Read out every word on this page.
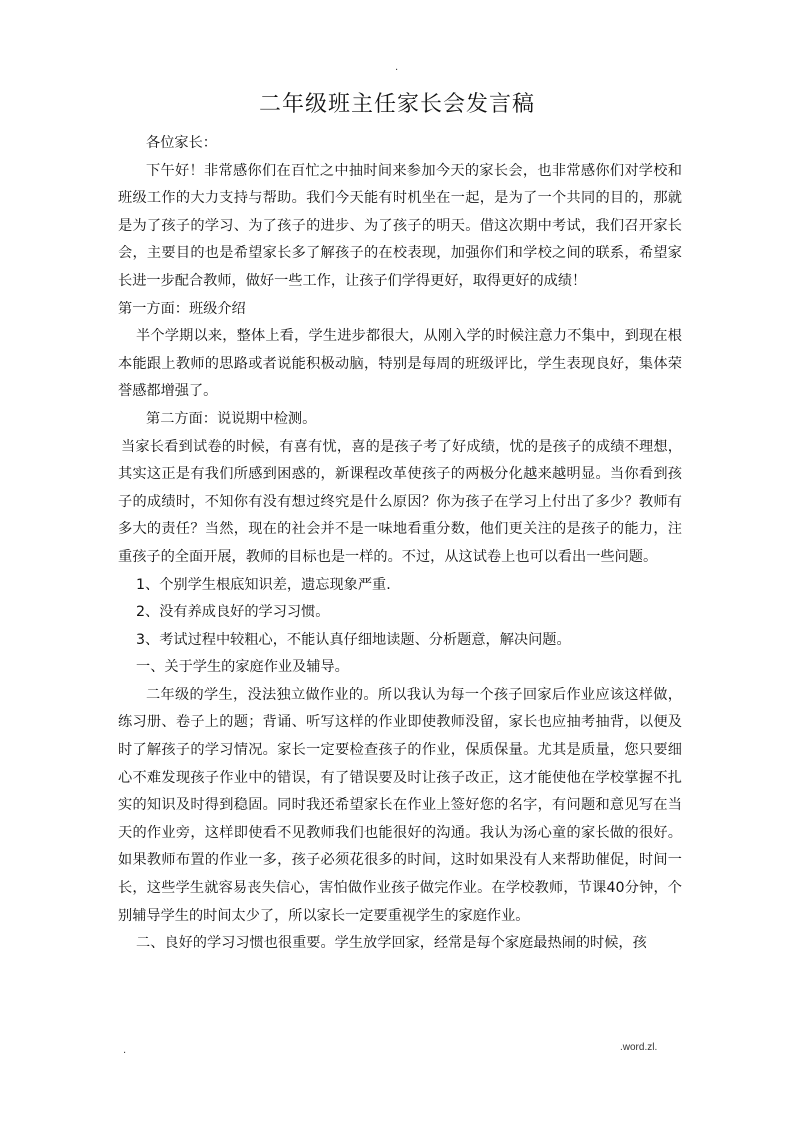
.
二年级班主任家长会发言稿

各位家长：

下午好！非常感你们在百忙之中抽时间来参加今天的家长会，也非常感你们对学校和班级工作的大力支持与帮助。我们今天能有时机坐在一起，是为了一个共同的目的，那就是为了孩子的学习、为了孩子的进步、为了孩子的明天。借这次期中考试，我们召开家长会，主要目的也是希望家长多了解孩子的在校表现，加强你们和学校之间的联系，希望家长进一步配合教师，做好一些工作，让孩子们学得更好，取得更好的成绩！

第一方面：班级介绍

半个学期以来，整体上看，学生进步都很大，从刚入学的时候注意力不集中，到现在根本能跟上教师的思路或者说能积极动脑，特别是每周的班级评比，学生表现良好，集体荣誉感都增强了。

第二方面：说说期中检测。

当家长看到试卷的时候，有喜有忧，喜的是孩子考了好成绩，忧的是孩子的成绩不理想，其实这正是有我们所感到困惑的，新课程改革使孩子的两极分化越来越明显。当你看到孩子的成绩时，不知你有没有想过终究是什么原因？你为孩子在学习上付出了多少？教师有多大的责任？当然，现在的社会并不是一味地看重分数，他们更关注的是孩子的能力，注重孩子的全面开展，教师的目标也是一样的。不过，从这试卷上也可以看出一些问题。

1、个别学生根底知识差，遗忘现象严重.

2、没有养成良好的学习习惯。

3、考试过程中较粗心，不能认真仔细地读题、分析题意，解决问题。

一、关于学生的家庭作业及辅导。

二年级的学生，没法独立做作业的。所以我认为每一个孩子回家后作业应该这样做，练习册、卷子上的题；背诵、听写这样的作业即使教师没留，家长也应抽考抽背，以便及时了解孩子的学习情况。家长一定要检查孩子的作业，保质保量。尤其是质量，您只要细心不难发现孩子作业中的错误，有了错误要及时让孩子改正，这才能使他在学校掌握不扎实的知识及时得到稳固。同时我还希望家长在作业上签好您的名字，有问题和意见写在当天的作业旁，这样即使看不见教师我们也能很好的沟通。我认为汤心童的家长做的很好。如果教师布置的作业一多，孩子必须花很多的时间，这时如果没有人来帮助催促，时间一长，这些学生就容易丧失信心，害怕做作业孩子做完作业。在学校教师，节课40分钟，个别辅导学生的时间太少了，所以家长一定要重视学生的家庭作业。

二、良好的学习习惯也很重要。学生放学回家，经常是每个家庭最热闹的时候，孩

.	.word.zl.
